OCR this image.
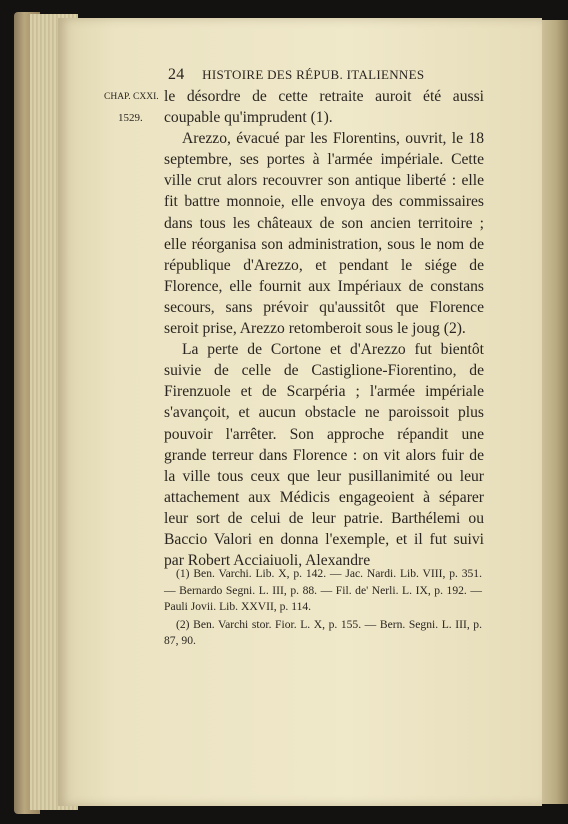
24 HISTOIRE DES RÉPUB. ITALIENNES
CHAP. CXXI.
1529.

le désordre de cette retraite auroit été aussi coupable qu'imprudent (1).

Arezzo, évacué par les Florentins, ouvrit, le 18 septembre, ses portes à l'armée impériale. Cette ville crut alors recouvrer son antique liberté : elle fit battre monnoie, elle envoya des commissaires dans tous les châteaux de son ancien territoire ; elle réorganisa son administration, sous le nom de république d'Arezzo, et pendant le siége de Florence, elle fournit aux Impériaux de constans secours, sans prévoir qu'aussitôt que Florence seroit prise, Arezzo retomberoit sous le joug (2).

La perte de Cortone et d'Arezzo fut bientôt suivie de celle de Castiglione-Fiorentino, de Firenzuole et de Scarpéria ; l'armée impériale s'avançoit, et aucun obstacle ne paroissoit plus pouvoir l'arrêter. Son approche répandit une grande terreur dans Florence : on vit alors fuir de la ville tous ceux que leur pusillanimité ou leur attachement aux Médicis engageoient à séparer leur sort de celui de leur patrie. Barthélemi ou Baccio Valori en donna l'exemple, et il fut suivi par Robert Acciaiuoli, Alexandre

(1) Ben. Varchi. Lib. X, p. 142. — Jac. Nardi. Lib. VIII, p. 351. — Bernardo Segni. L. III, p. 88. — Fil. de' Nerli. L. IX, p. 192. — Pauli Jovii. Lib. XXVII, p. 114.

(2) Ben. Varchi stor. Fior. L. X, p. 155. — Bern. Segni. L. III, p. 87, 90.
